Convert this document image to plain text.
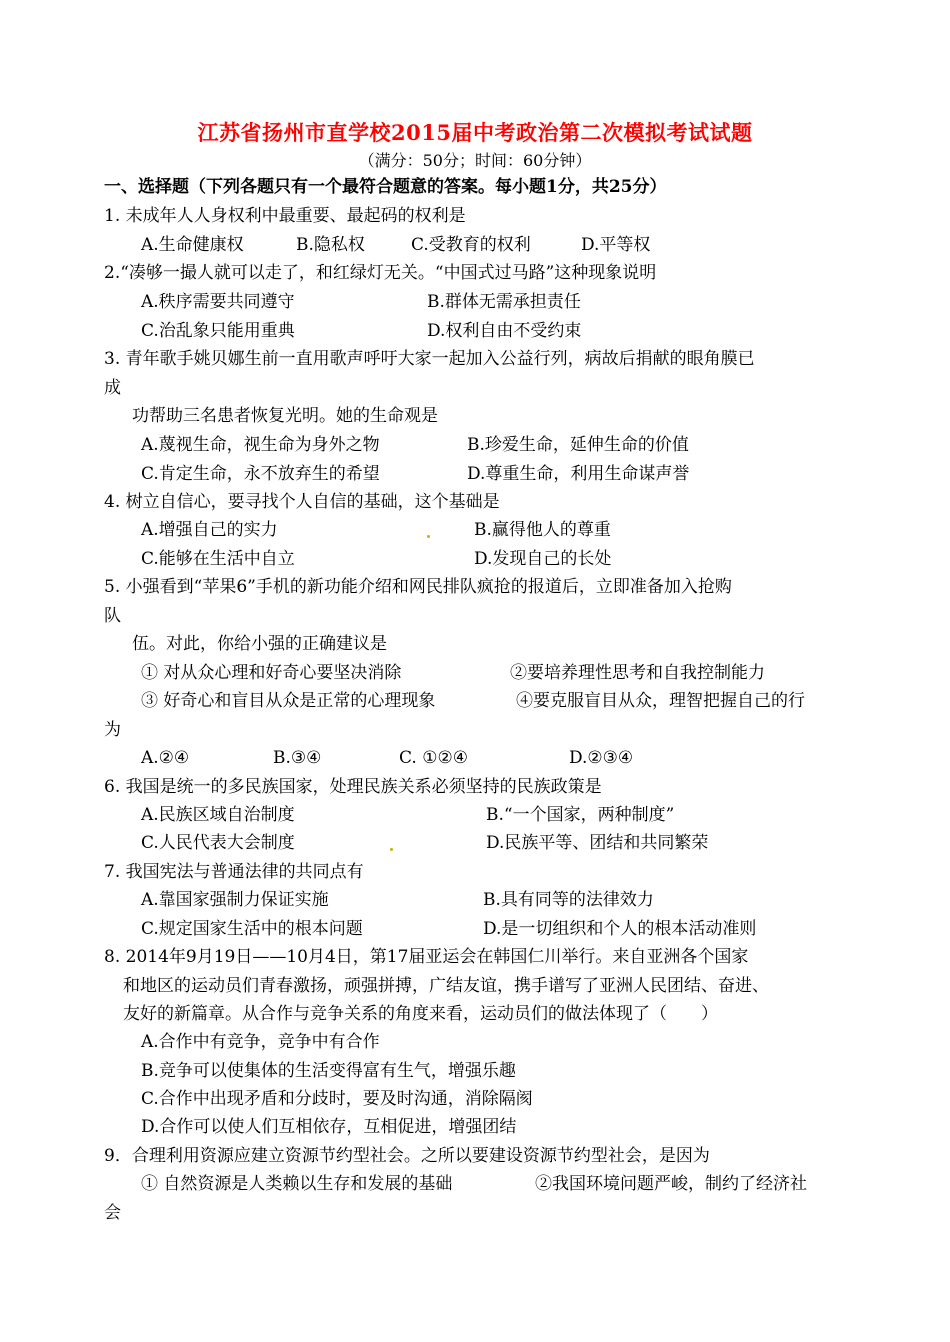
江苏省扬州市直学校2015届中考政治第二次模拟考试试题
（满分：50分；时间：60分钟）
一、选择题（下列各题只有一个最符合题意的答案。每小题1分，共25分）
1. 未成年人人身权利中最重要、最起码的权利是
A.生命健康权	B.隐私权	C.受教育的权利	D.平等权
2.“凑够一撮人就可以走了，和红绿灯无关。“中国式过马路”这种现象说明
A.秩序需要共同遵守	B.群体无需承担责任
C.治乱象只能用重典	D.权利自由不受约束
3. 青年歌手姚贝娜生前一直用歌声呼吁大家一起加入公益行列，病故后捐献的眼角膜已
成
功帮助三名患者恢复光明。她的生命观是
A.蔑视生命，视生命为身外之物	B.珍爱生命，延伸生命的价值
C.肯定生命，永不放弃生的希望	D.尊重生命，利用生命谋声誉
4. 树立自信心，要寻找个人自信的基础，这个基础是
A.增强自己的实力	B.赢得他人的尊重
C.能够在生活中自立	D.发现自己的长处
5. 小强看到“苹果6”手机的新功能介绍和网民排队疯抢的报道后，立即准备加入抢购
队
伍。对此，你给小强的正确建议是
① 对从众心理和好奇心要坚决消除	②要培养理性思考和自我控制能力
③ 好奇心和盲目从众是正常的心理现象	④要克服盲目从众，理智把握自己的行
为
A.②④	B.③④	C. ①②④	D.②③④
6. 我国是统一的多民族国家，处理民族关系必须坚持的民族政策是
A.民族区域自治制度	B.“一个国家，两种制度”
C.人民代表大会制度	D.民族平等、团结和共同繁荣
7. 我国宪法与普通法律的共同点有
A.靠国家强制力保证实施	B.具有同等的法律效力
C.规定国家生活中的根本问题	D.是一切组织和个人的根本活动准则
8. 2014年9月19日——10月4日，第17届亚运会在韩国仁川举行。来自亚洲各个国家
和地区的运动员们青春激扬，顽强拼搏，广结友谊，携手谱写了亚洲人民团结、奋进、
友好的新篇章。从合作与竞争关系的角度来看，运动员们的做法体现了（　　）
A.合作中有竞争，竞争中有合作
B.竞争可以使集体的生活变得富有生气，增强乐趣
C.合作中出现矛盾和分歧时，要及时沟通，消除隔阂
D.合作可以使人们互相依存，互相促进，增强团结
9．合理利用资源应建立资源节约型社会。之所以要建设资源节约型社会，是因为
① 自然资源是人类赖以生存和发展的基础	②我国环境问题严峻，制约了经济社
会
